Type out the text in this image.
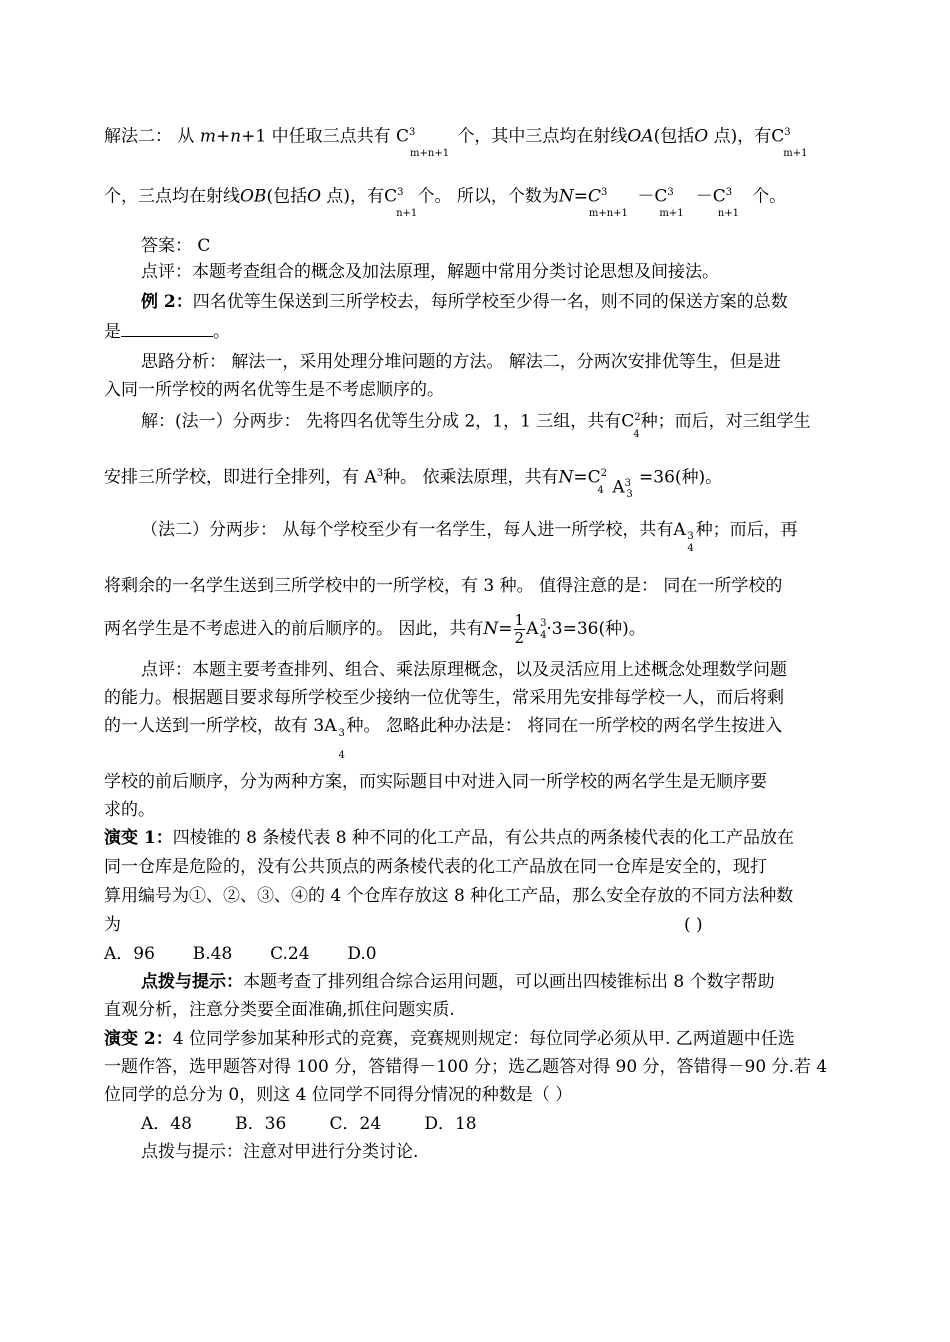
解法二： 从 m+n+1 中任取三点共有 $C^3$
m+n+1
个，其中三点均在射线OA(包括O 点)，有$C^3$
m+1
个，三点均在射线OB(包括O 点)，有$C^3$
n+1
个。 所以，个数为$N=C^3$
m+n+1
$-C^3$
m+1
$-C^3$
n+1
个。
答案： C
点评：本题考查组合的概念及加法原理，解题中常用分类讨论思想及间接法。
例 2：四名优等生保送到三所学校去，每所学校至少得一名，则不同的保送方案的总数
是	。
思路分析： 解法一，采用处理分堆问题的方法。 解法二，分两次安排优等生，但是进
入同一所学校的两名优等生是不考虑顺序的。
解：(法一）分两步： 先将四名优等生分成 2，1，1 三组，共有$C^2$
4
种；而后，对三组学生
安排三所学校，即进行全排列，有 $A^3$种。 依乘法原理，共有$N=C^2$
4 $A^3$
3
=36(种)。
（法二）分两步： 从每个学校至少有一名学生，每人进一所学校，共有A 3
4
种；而后，再
将剩余的一名学生送到三所学校中的一所学校，有 3 种。 值得注意的是： 同在一所学校的
两名学生是不考虑进入的前后顺序的。 因此，共有$N= \frac{1}{2}$ A 3
4 ·3=36(种)。
点评：本题主要考查排列、组合、乘法原理概念，以及灵活应用上述概念处理数学问题
的能力。根据题目要求每所学校至少接纳一位优等生，常采用先安排每学校一人，而后将剩
的一人送到一所学校，故有 3A 3
4
种。 忽略此种办法是： 将同在一所学校的两名学生按进入
学校的前后顺序，分为两种方案，而实际题目中对进入同一所学校的两名学生是无顺序要
求的。
演变 1：四棱锥的 8 条棱代表 8 种不同的化工产品，有公共点的两条棱代表的化工产品放在
同一仓库是危险的，没有公共顶点的两条棱代表的化工产品放在同一仓库是安全的，现打
算用编号为①、②、③、④的 4 个仓库存放这 8 种化工产品，那么安全存放的不同方法种数
为	( )
A．96       B.48       C.24       D.0
点拨与提示：本题考查了排列组合综合运用问题，可以画出四棱锥标出 8 个数字帮助
直观分析，注意分类要全面准确,抓住问题实质.
演变 2：4 位同学参加某种形式的竞赛，竞赛规则规定：每位同学必须从甲. 乙两道题中任选
一题作答，选甲题答对得 100 分，答错得－100 分；选乙题答对得 90 分，答错得－90 分.若 4
位同学的总分为 0，则这 4 位同学不同得分情况的种数是（ ）
A．48        B．36        C．24        D．18
点拨与提示：注意对甲进行分类讨论.
